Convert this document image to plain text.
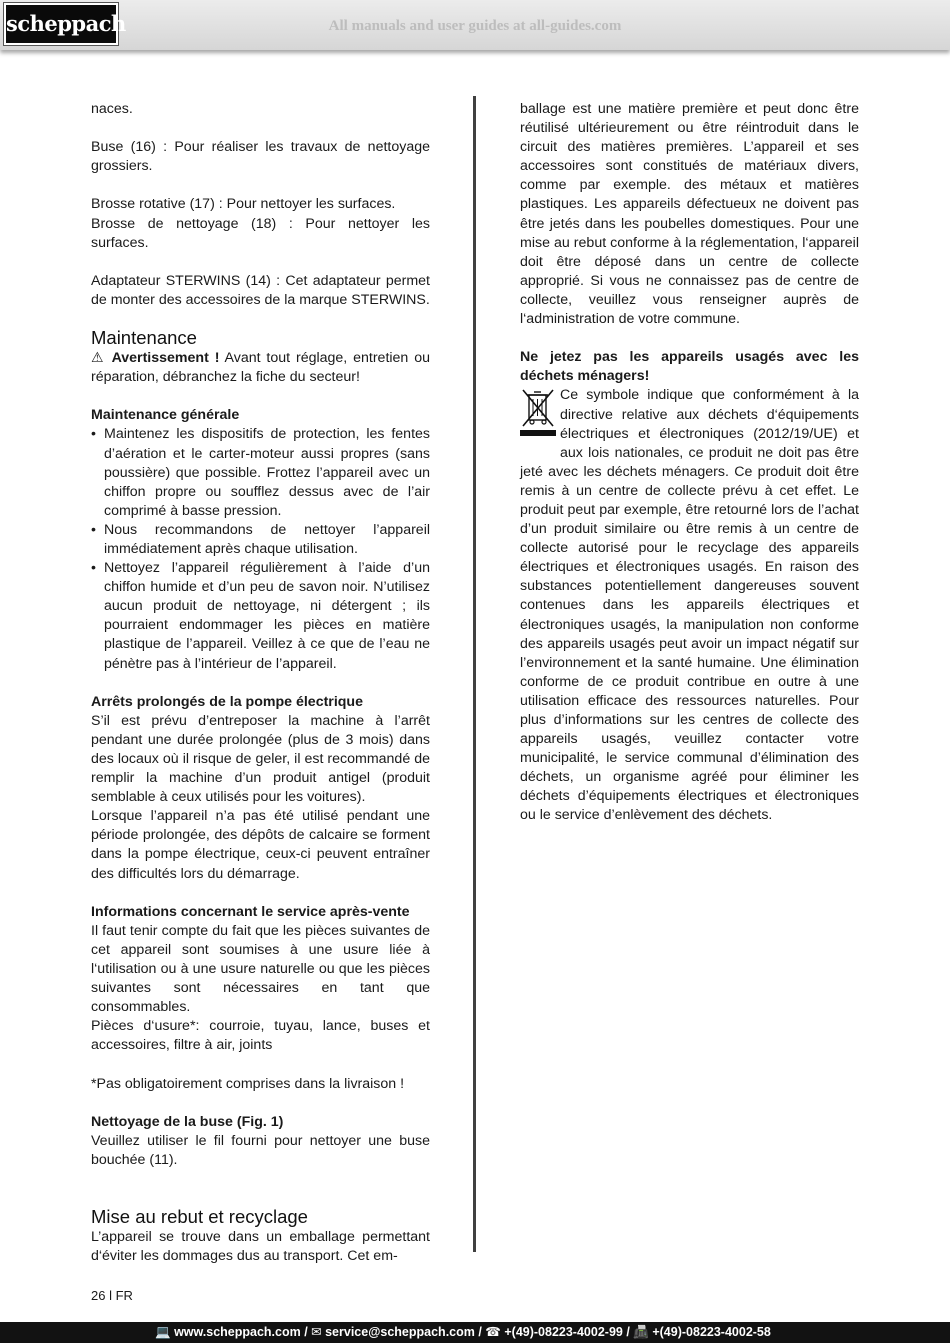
scheppach	All manuals and user guides at all-guides.com

naces.

Buse (16) : Pour réaliser les travaux de nettoyage grossiers.

Brosse rotative (17) : Pour nettoyer les surfaces.

Brosse de nettoyage (18) : Pour nettoyer les surfaces.

Adaptateur STERWINS (14) : Cet adaptateur permet de monter des accessoires de la marque STERWINS.

Maintenance

⚠ Avertissement ! Avant tout réglage, entretien ou réparation, débranchez la fiche du secteur!

Maintenance générale

• Maintenez les dispositifs de protection, les fentes d’aération et le carter-moteur aussi propres (sans poussière) que possible. Frottez l’appareil avec un chiffon propre ou soufflez dessus avec de l’air comprimé à basse pression.
• Nous recommandons de nettoyer l’appareil immédiatement après chaque utilisation.
• Nettoyez l’appareil régulièrement à l’aide d’un chiffon humide et d’un peu de savon noir. N’utilisez aucun produit de nettoyage, ni détergent ; ils pourraient endommager les pièces en matière plastique de l’appareil. Veillez à ce que de l’eau ne pénètre pas à l’intérieur de l’appareil.

Arrêts prolongés de la pompe électrique

S’il est prévu d’entreposer la machine à l’arrêt pendant une durée prolongée (plus de 3 mois) dans des locaux où il risque de geler, il est recommandé de remplir la machine d’un produit antigel (produit semblable à ceux utilisés pour les voitures).

Lorsque l’appareil n’a pas été utilisé pendant une période prolongée, des dépôts de calcaire se forment dans la pompe électrique, ceux-ci peuvent entraîner des difficultés lors du démarrage.

Informations concernant le service après-vente

Il faut tenir compte du fait que les pièces suivantes de cet appareil sont soumises à une usure liée à l‘utilisation ou à une usure naturelle ou que les pièces suivantes sont nécessaires en tant que consommables.

Pièces d‘usure*: courroie, tuyau, lance, buses et accessoires, filtre à air, joints

*Pas obligatoirement comprises dans la livraison !

Nettoyage de la buse (Fig. 1)

Veuillez utiliser le fil fourni pour nettoyer une buse bouchée (11).

Mise au rebut et recyclage

L’appareil se trouve dans un emballage permettant d‘éviter les dommages dus au transport. Cet em-

ballage est une matière première et peut donc être réutilisé ultérieurement ou être réintroduit dans le circuit des matières premières. L’appareil et ses accessoires sont constitués de matériaux divers, comme par exemple. des métaux et matières plastiques. Les appareils défectueux ne doivent pas être jetés dans les poubelles domestiques. Pour une mise au rebut conforme à la réglementation, l‘appareil doit être déposé dans un centre de collecte approprié. Si vous ne connaissez pas de centre de collecte, veuillez vous renseigner auprès de l‘administration de votre commune.

Ne jetez pas les appareils usagés avec les déchets ménagers!

Ce symbole indique que conformément à la directive relative aux déchets d‘équipements électriques et électroniques (2012/19/UE) et aux lois nationales, ce produit ne doit pas être jeté avec les déchets ménagers. Ce produit doit être remis à un centre de collecte prévu à cet effet. Le produit peut par exemple, être retourné lors de l’achat d’un produit similaire ou être remis à un centre de collecte autorisé pour le recyclage des appareils électriques et électroniques usagés. En raison des substances potentiellement dangereuses souvent contenues dans les appareils électriques et électroniques usagés, la manipulation non conforme des appareils usagés peut avoir un impact négatif sur l’environnement et la santé humaine. Une élimination conforme de ce produit contribue en outre à une utilisation efficace des ressources naturelles. Pour plus d’informations sur les centres de collecte des appareils usagés, veuillez contacter votre municipalité, le service communal d’élimination des déchets, un organisme agréé pour éliminer les déchets d’équipements électriques et électroniques ou le service d’enlèvement des déchets.

26 l FR
💻 www.scheppach.com / ✉ service@scheppach.com / ☎ +(49)-08223-4002-99 / 📠 +(49)-08223-4002-58
